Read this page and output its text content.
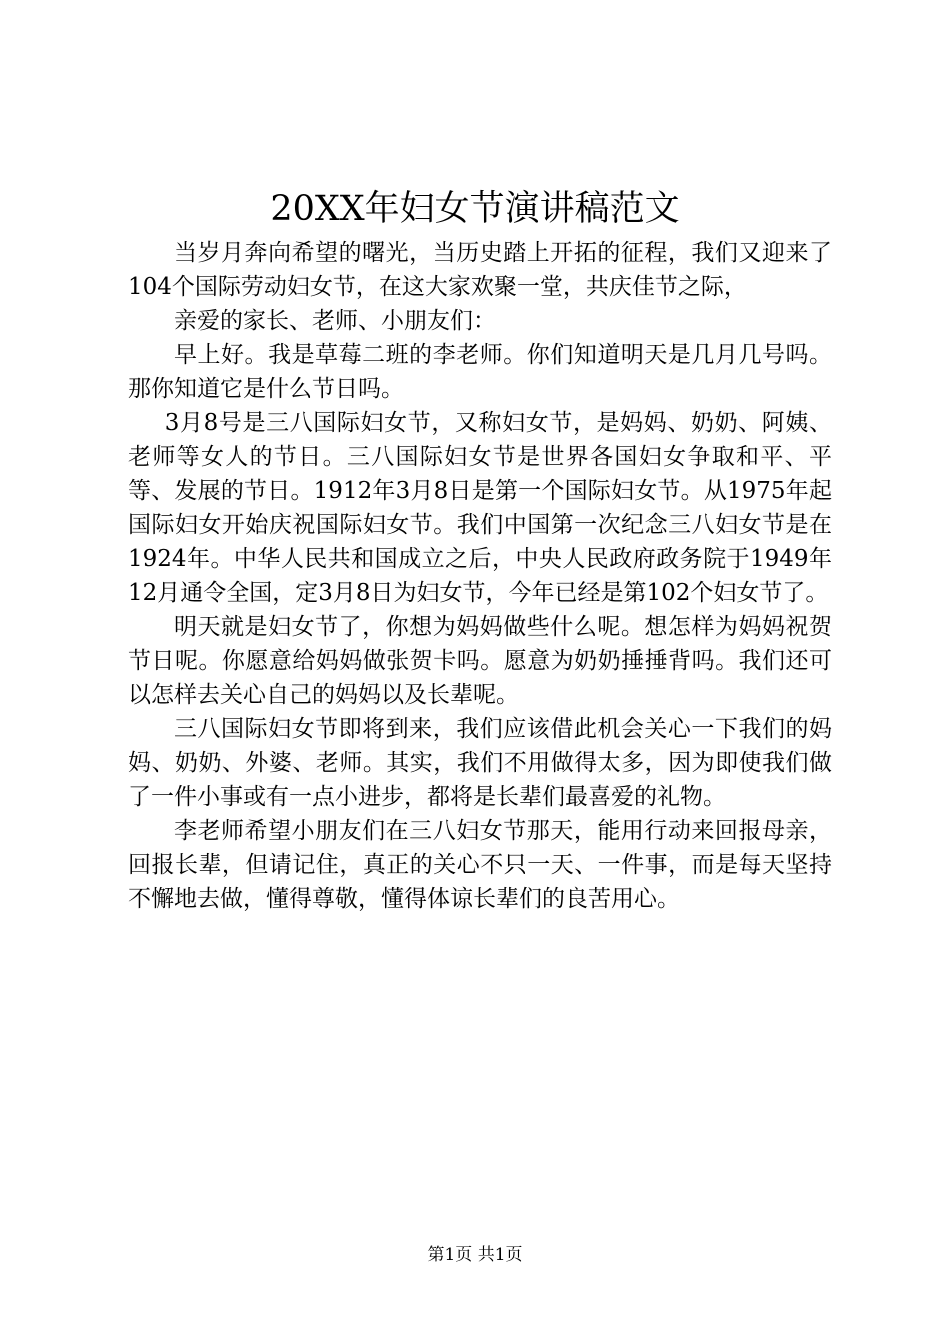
20XX年妇女节演讲稿范文

当岁月奔向希望的曙光，当历史踏上开拓的征程，我们又迎来了104个国际劳动妇女节，在这大家欢聚一堂，共庆佳节之际，

亲爱的家长、老师、小朋友们：

早上好。我是草莓二班的李老师。你们知道明天是几月几号吗。那你知道它是什么节日吗。

3月8号是三八国际妇女节，又称妇女节，是妈妈、奶奶、阿姨、老师等女人的节日。三八国际妇女节是世界各国妇女争取和平、平等、发展的节日。1912年3月8日是第一个国际妇女节。从1975年起国际妇女开始庆祝国际妇女节。我们中国第一次纪念三八妇女节是在1924年。中华人民共和国成立之后，中央人民政府政务院于1949年12月通令全国，定3月8日为妇女节，今年已经是第102个妇女节了。

明天就是妇女节了，你想为妈妈做些什么呢。想怎样为妈妈祝贺节日呢。你愿意给妈妈做张贺卡吗。愿意为奶奶捶捶背吗。我们还可以怎样去关心自己的妈妈以及长辈呢。

三八国际妇女节即将到来，我们应该借此机会关心一下我们的妈妈、奶奶、外婆、老师。其实，我们不用做得太多，因为即使我们做了一件小事或有一点小进步，都将是长辈们最喜爱的礼物。

李老师希望小朋友们在三八妇女节那天，能用行动来回报母亲，回报长辈，但请记住，真正的关心不只一天、一件事，而是每天坚持不懈地去做，懂得尊敬，懂得体谅长辈们的良苦用心。

第1页 共1页
